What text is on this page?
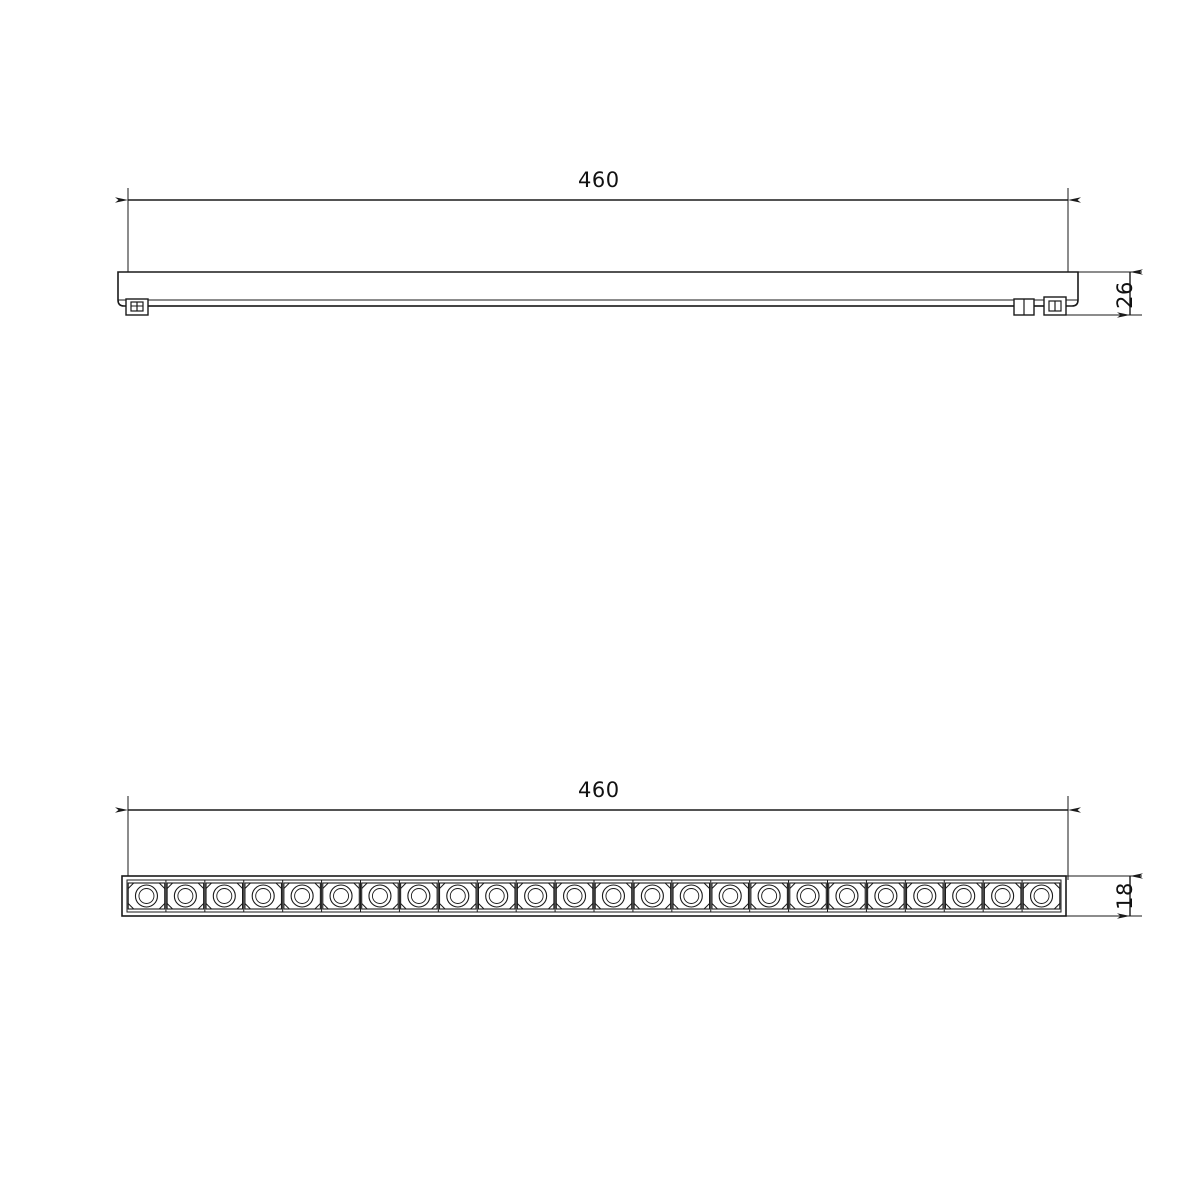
460
26
460
18
